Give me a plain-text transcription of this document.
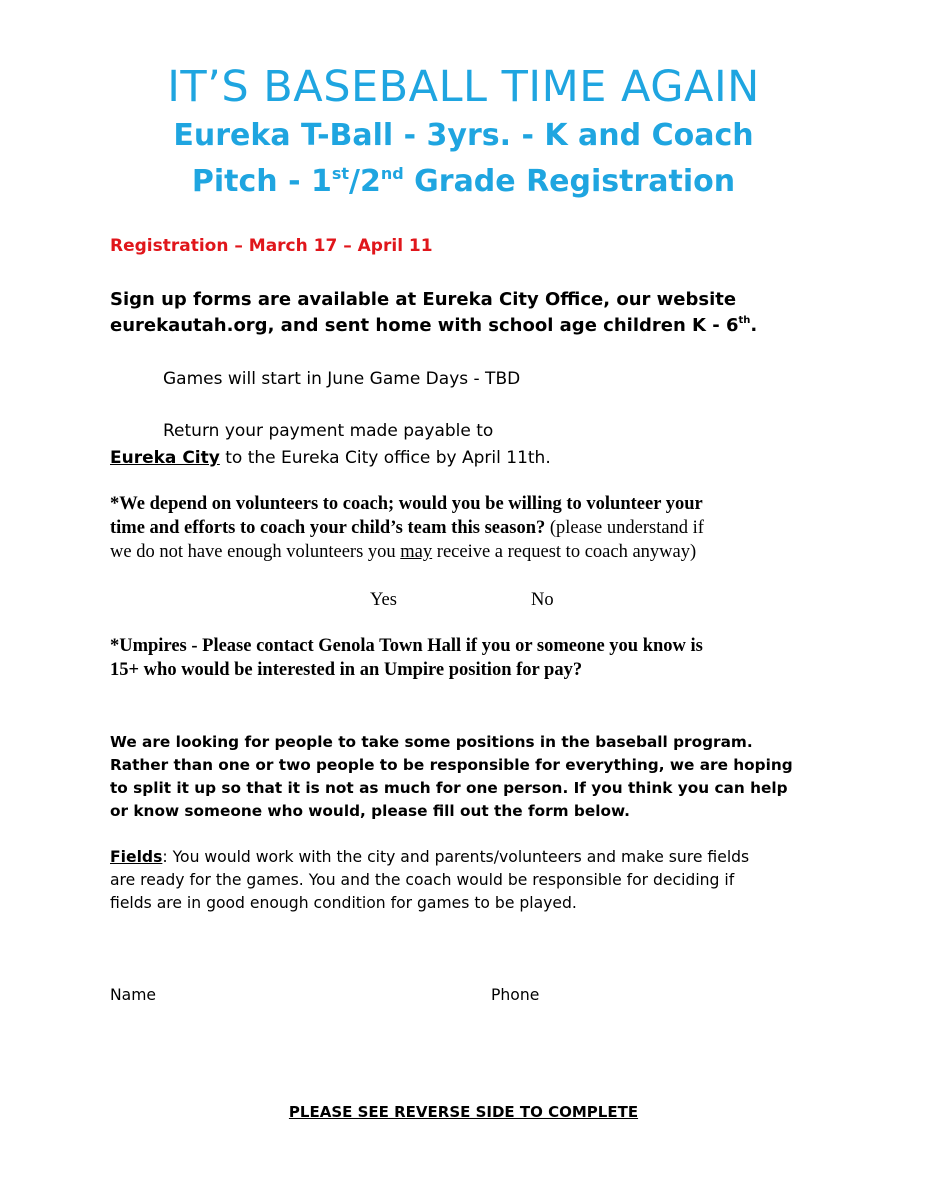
IT’S BASEBALL TIME AGAIN
Eureka T-Ball - 3yrs. - K and Coach
Pitch - 1st/2nd Grade Registration
Registration – March 17 – April 11
Sign up forms are available at Eureka City Office, our website
eurekautah.org, and sent home with school age children K - 6th.
Games will start in June Game Days - TBD
Return your payment made payable to
Eureka City to the Eureka City office by April 11th.
*We depend on volunteers to coach; would you be willing to volunteer your
time and efforts to coach your child’s team this season? (please understand if
we do not have enough volunteers you may receive a request to coach anyway)
Yes	No
*Umpires - Please contact Genola Town Hall if you or someone you know is
15+ who would be interested in an Umpire position for pay?
We are looking for people to take some positions in the baseball program.
Rather than one or two people to be responsible for everything, we are hoping
to split it up so that it is not as much for one person. If you think you can help
or know someone who would, please fill out the form below.
Fields: You would work with the city and parents/volunteers and make sure fields
are ready for the games. You and the coach would be responsible for deciding if
fields are in good enough condition for games to be played.
Name	Phone
PLEASE SEE REVERSE SIDE TO COMPLETE
